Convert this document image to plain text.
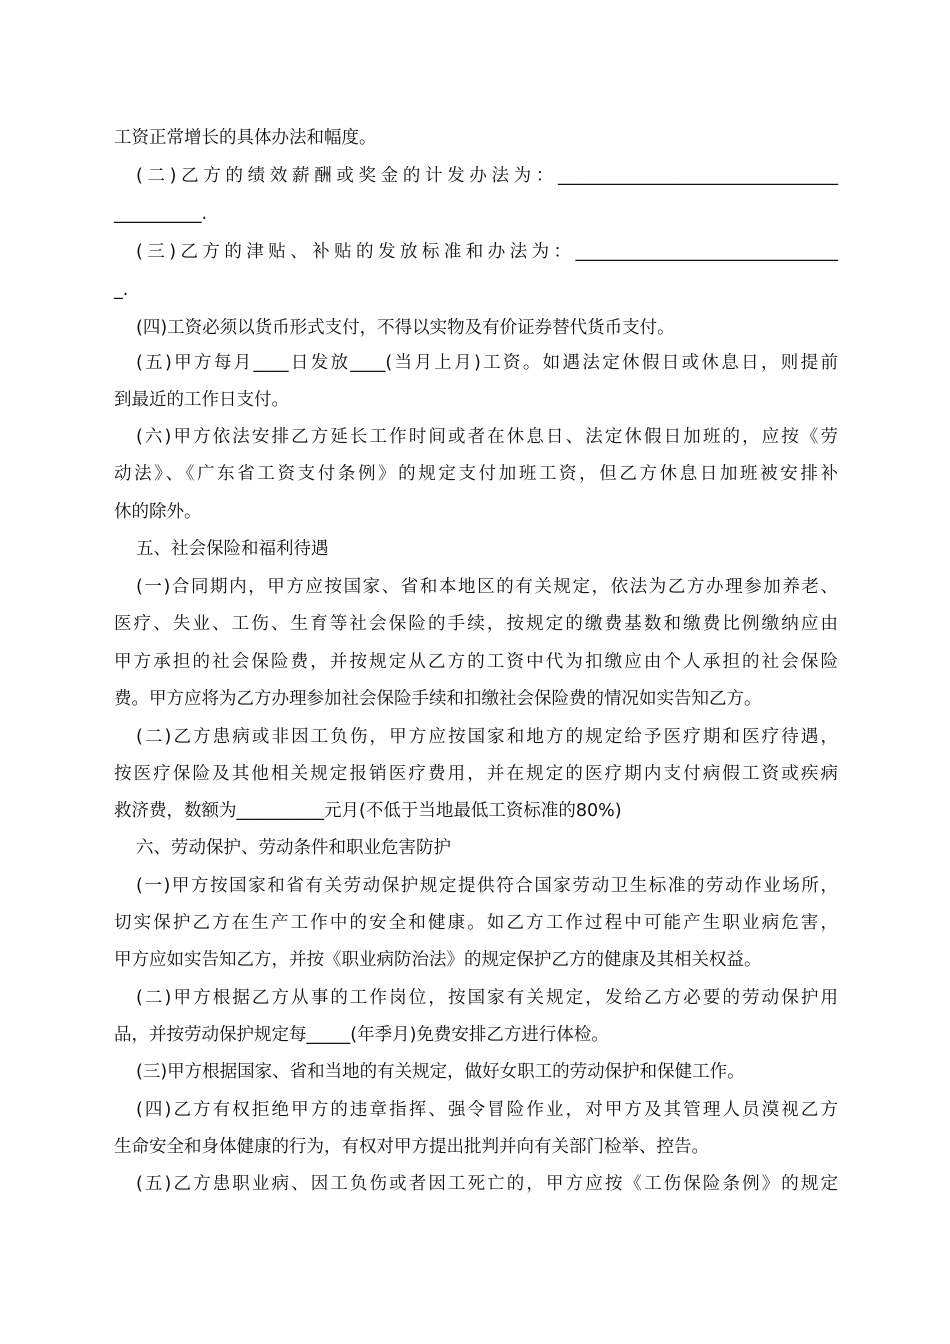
工资正常增长的具体办法和幅度。
(二)乙方的绩效薪酬或奖金的计发办法为：________________________________
__________.
(三)乙方的津贴、补贴的发放标准和办法为：______________________________
_.
(四)工资必须以货币形式支付，不得以实物及有价证券替代货币支付。
(五)甲方每月____日发放____(当月上月)工资。如遇法定休假日或休息日，则提前
到最近的工作日支付。
(六)甲方依法安排乙方延长工作时间或者在休息日、法定休假日加班的，应按《劳
动法》、《广东省工资支付条例》的规定支付加班工资，但乙方休息日加班被安排补
休的除外。
五、社会保险和福利待遇
(一)合同期内，甲方应按国家、省和本地区的有关规定，依法为乙方办理参加养老、
医疗、失业、工伤、生育等社会保险的手续，按规定的缴费基数和缴费比例缴纳应由
甲方承担的社会保险费，并按规定从乙方的工资中代为扣缴应由个人承担的社会保险
费。甲方应将为乙方办理参加社会保险手续和扣缴社会保险费的情况如实告知乙方。
(二)乙方患病或非因工负伤，甲方应按国家和地方的规定给予医疗期和医疗待遇，
按医疗保险及其他相关规定报销医疗费用，并在规定的医疗期内支付病假工资或疾病
救济费，数额为__________元月(不低于当地最低工资标准的80%)
六、劳动保护、劳动条件和职业危害防护
(一)甲方按国家和省有关劳动保护规定提供符合国家劳动卫生标准的劳动作业场所，
切实保护乙方在生产工作中的安全和健康。如乙方工作过程中可能产生职业病危害，
甲方应如实告知乙方，并按《职业病防治法》的规定保护乙方的健康及其相关权益。
(二)甲方根据乙方从事的工作岗位，按国家有关规定，发给乙方必要的劳动保护用
品，并按劳动保护规定每_____(年季月)免费安排乙方进行体检。
(三)甲方根据国家、省和当地的有关规定，做好女职工的劳动保护和保健工作。
(四)乙方有权拒绝甲方的违章指挥、强令冒险作业，对甲方及其管理人员漠视乙方
生命安全和身体健康的行为，有权对甲方提出批判并向有关部门检举、控告。
(五)乙方患职业病、因工负伤或者因工死亡的，甲方应按《工伤保险条例》的规定
